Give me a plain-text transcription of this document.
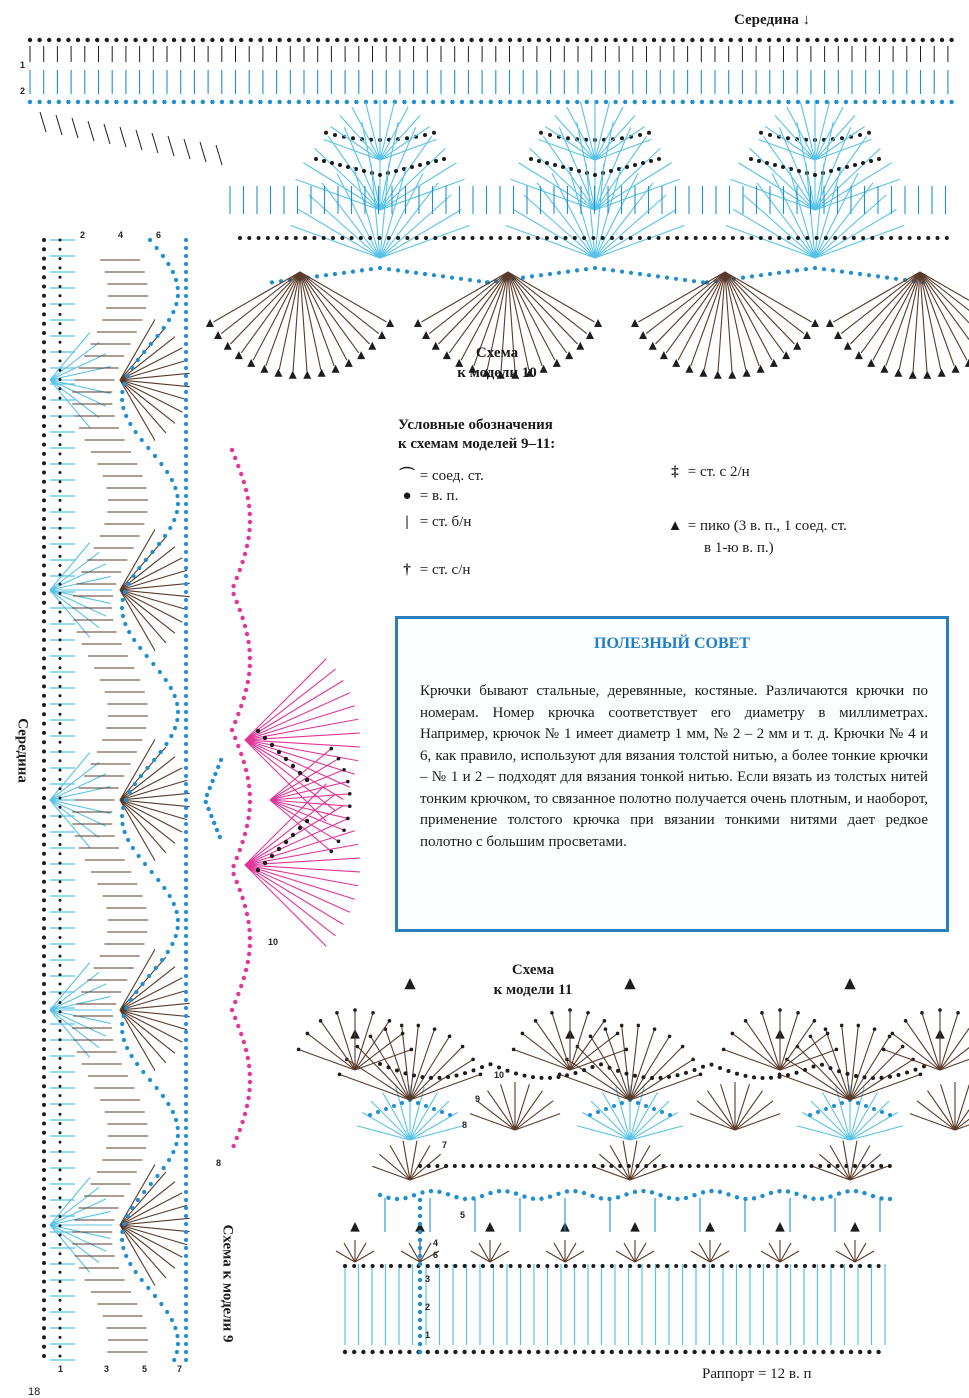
Середина ↓
Схема
к модели 10
1
2
Середина
Схема к модели 9
1	3	5	7
8
10
2	4	6
Условные обозначения
к схемам моделей 9–11:
⌒ = соед. ст.
● = в. п.
| = ст. б/н
† = ст. с/н
‡ = ст. с 2/н
▲ = пико (3 в. п., 1 соед. ст.
в 1-ю в. п.)
ПОЛЕЗНЫЙ СОВЕТ
Крючки бывают стальные, деревянные, костяные. Различаются крючки по номерам. Номер крючка соответствует его диаметру в миллиметрах. Например, крючок № 1 имеет диаметр 1 мм, № 2 – 2 мм и т. д. Крючки № 4 и 6, как правило, используют для вязания толстой нитью, а более тонкие крючки – № 1 и 2 – подходят для вязания тонкой нитью. Если вязать из толстых нитей тонким крючком, то связанное полотно получается очень плотным, и наоборот, применение толстого крючка при вязании тонкими нитями дает редкое полотно с большим просветами.
Схема
к модели 11
Раппорт = 12 в. п
1
2
3
4
5
6
7
8
9
10
18
